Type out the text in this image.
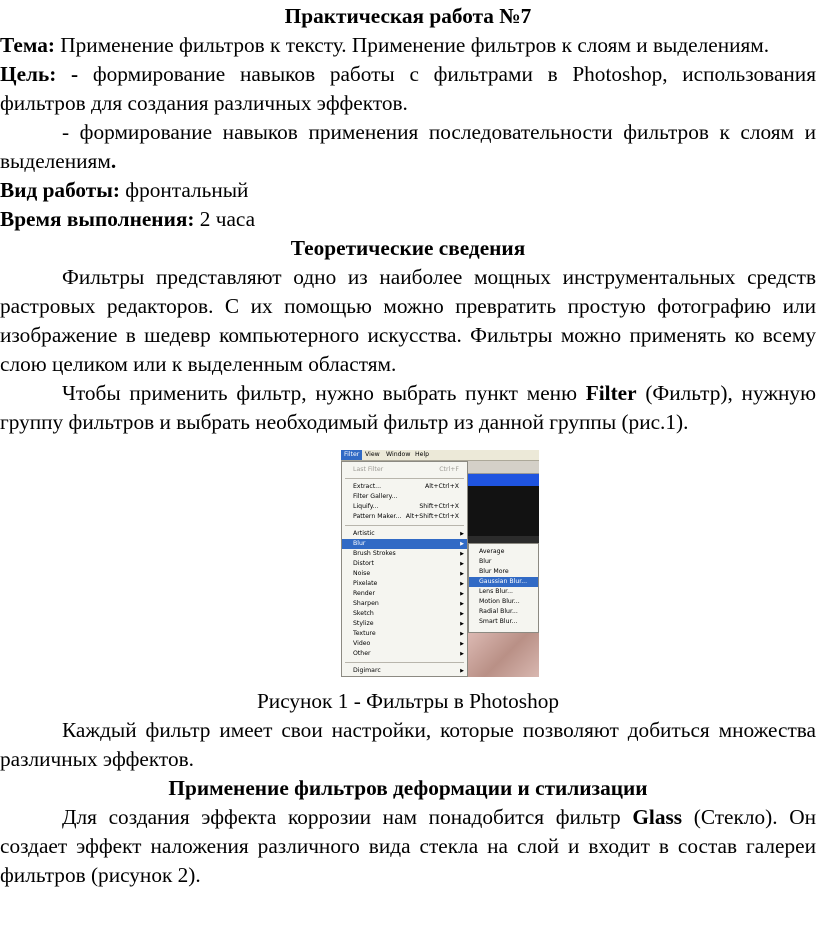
Практическая работа №7

Тема: Применение фильтров к тексту. Применение фильтров к слоям и выделениям.

Цель: - формирование навыков работы с фильтрами в Photoshop, использования фильтров для создания различных эффектов.

- формирование навыков применения последовательности фильтров к слоям и выделениям.

Вид работы: фронтальный

Время выполнения: 2 часа

Теоретические сведения

Фильтры представляют одно из наиболее мощных инструментальных средств растровых редакторов. С их помощью можно превратить простую фотографию или изображение в шедевр компьютерного искусства. Фильтры можно применять ко всему слою целиком или к выделенным областям.

Чтобы применить фильтр, нужно выбрать пункт меню Filter (Фильтр), нужную группу фильтров и выбрать необходимый фильтр из данной группы (рис.1).

Filter View	Window Help
Last Filter	Ctrl+F
Extract...	Alt+Ctrl+X
Filter Gallery...
Liquify...	Shift+Ctrl+X
Pattern Maker... Alt+Shift+Ctrl+X
Artistic	▶
Blur	▶
Brush Strokes	▶
Distort	▶
Noise	▶
Pixelate	▶
Render	▶
Sharpen	▶
Sketch	▶
Stylize	▶
Texture	▶
Video	▶
Other	▶
Digimarc	▶
Average
Blur
Blur More
Gaussian Blur...
Lens Blur...
Motion Blur...
Radial Blur...
Smart Blur...

Рисунок 1 - Фильтры в Photoshop

Каждый фильтр имеет свои настройки, которые позволяют добиться множества различных эффектов.

Применение фильтров деформации и стилизации

Для создания эффекта коррозии нам понадобится фильтр Glass (Стекло). Он создает эффект наложения различного вида стекла на слой и входит в состав галереи фильтров (рисунок 2).
